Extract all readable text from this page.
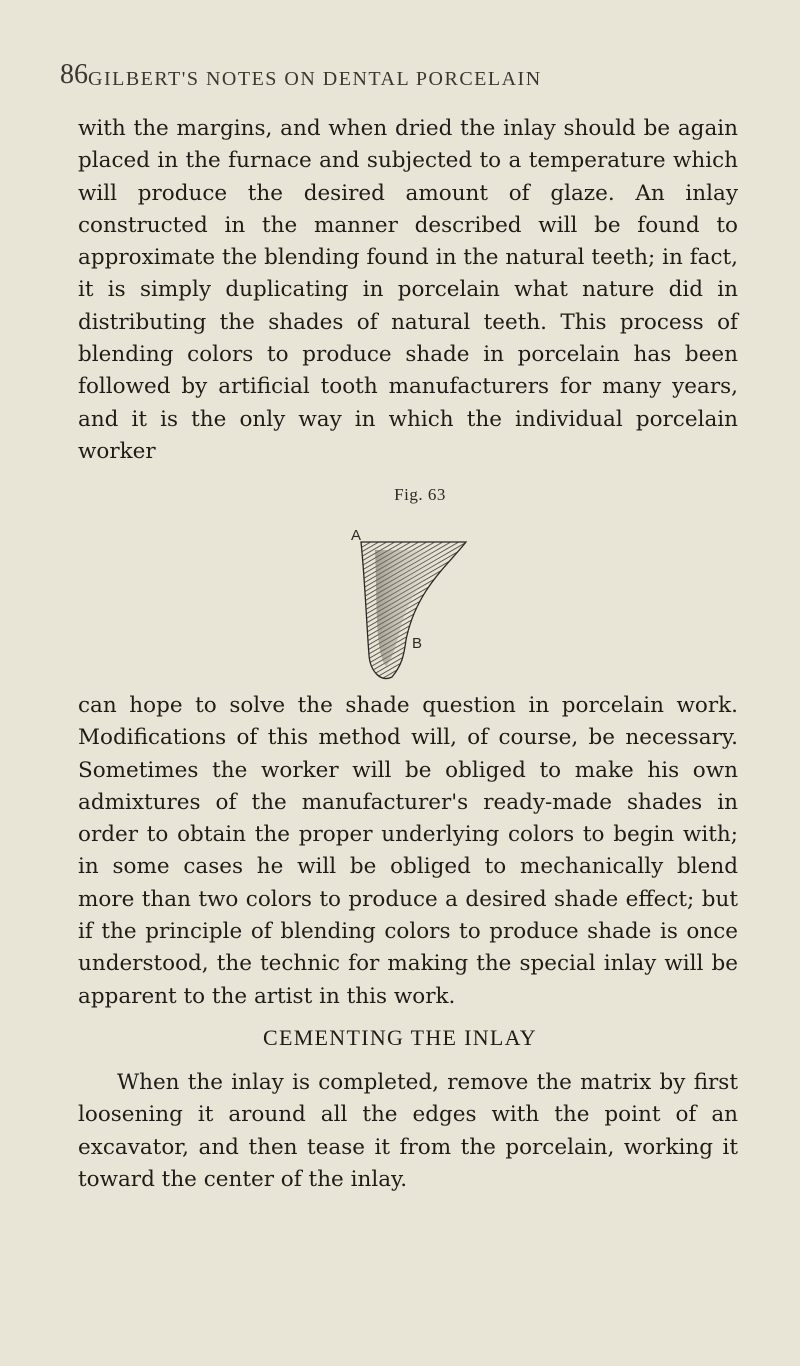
86 GILBERT'S NOTES ON DENTAL PORCELAIN

with the margins, and when dried the inlay should be again placed in the furnace and subjected to a temperature which will produce the desired amount of glaze. An inlay constructed in the manner described will be found to approximate the blending found in the natural teeth; in fact, it is simply duplicating in porcelain what nature did in distributing the shades of natural teeth. This process of blending colors to produce shade in porcelain has been followed by artificial tooth manufacturers for many years, and it is the only way in which the individual porcelain worker

Fig. 63
A
B

can hope to solve the shade question in porcelain work. Modifications of this method will, of course, be necessary. Sometimes the worker will be obliged to make his own admixtures of the manufacturer's ready-made shades in order to obtain the proper underlying colors to begin with; in some cases he will be obliged to mechanically blend more than two colors to produce a desired shade effect; but if the principle of blending colors to produce shade is once understood, the technic for making the special inlay will be apparent to the artist in this work.

CEMENTING THE INLAY

When the inlay is completed, remove the matrix by first loosening it around all the edges with the point of an excavator, and then tease it from the porcelain, working it toward the center of the inlay.
